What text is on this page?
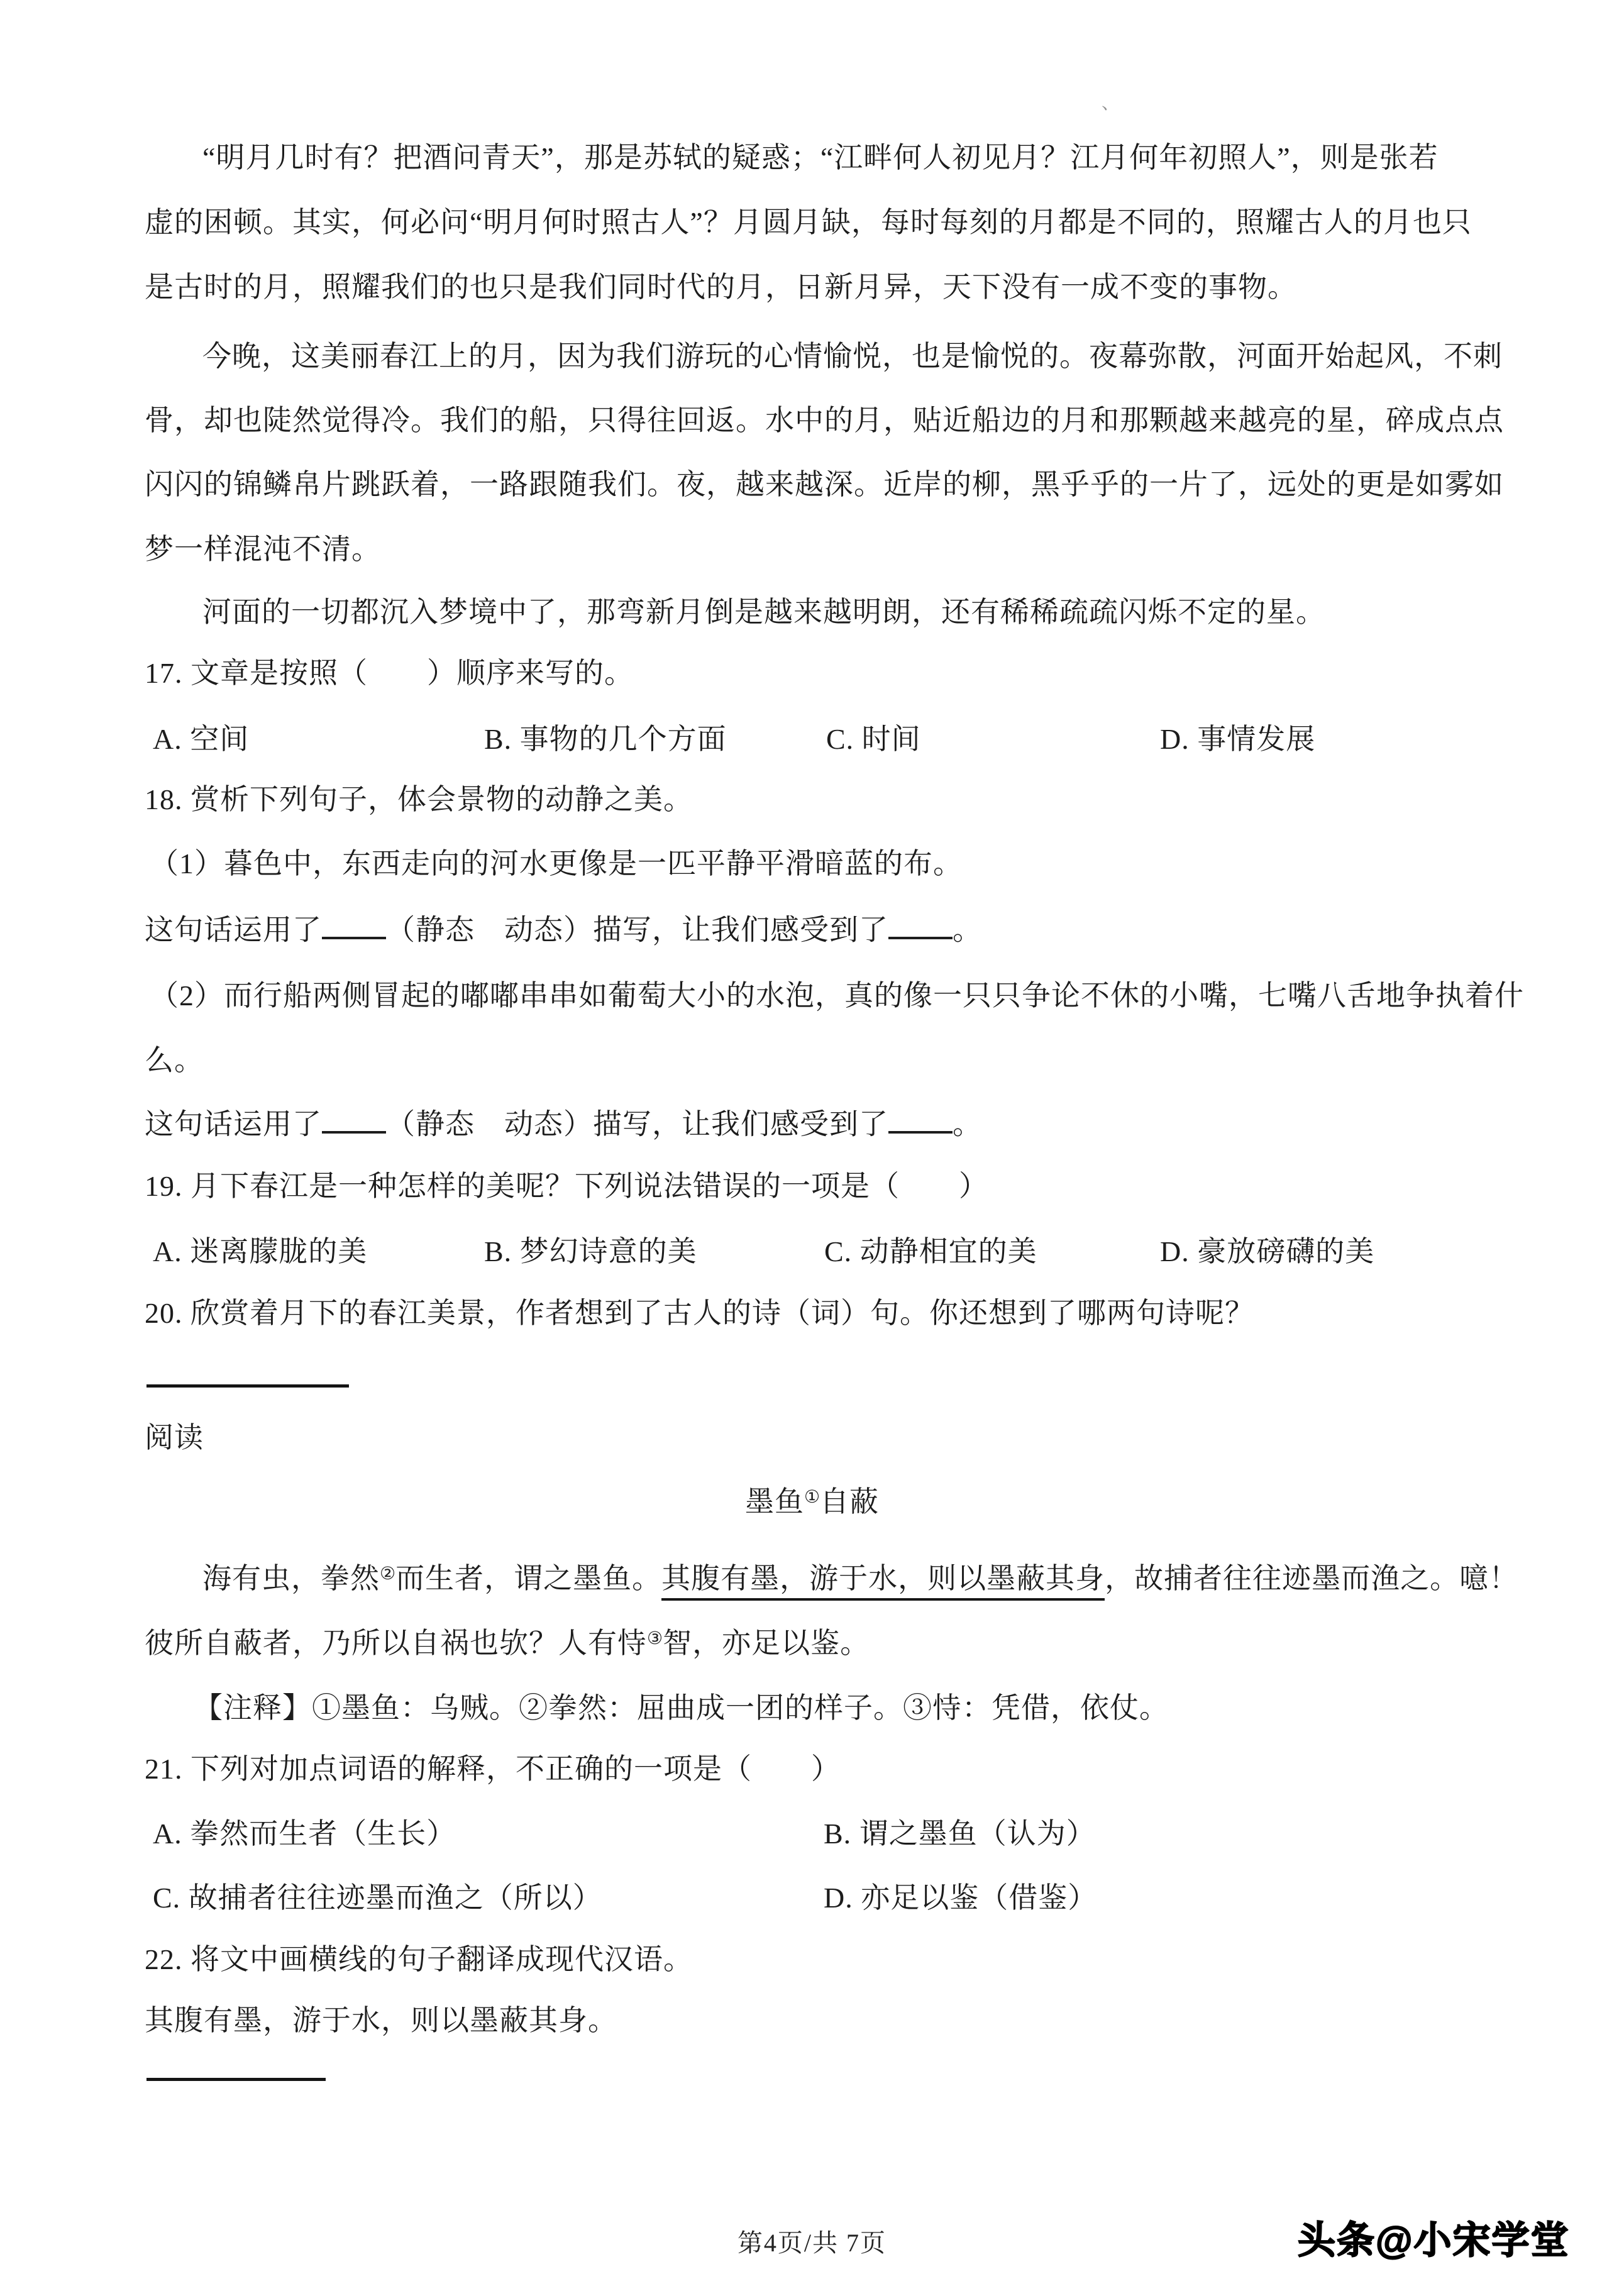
、
“明月几时有？把酒问青天”，那是苏轼的疑惑；“江畔何人初见月？江月何年初照人”，则是张若
虚的困顿。其实，何必问“明月何时照古人”？月圆月缺，每时每刻的月都是不同的，照耀古人的月也只
是古时的月，照耀我们的也只是我们同时代的月，日 •新 •月 •异 •，天下没有一成不变的事物。
今晚，这美丽春江上的月，因为我们游玩的心情愉悦，也是愉悦的。夜幕弥散，河面开始起风，不刺
骨，却也陡然觉得冷。我们的船，只得往回返。水中的月，贴近船边的月和那颗越来越亮的星，碎成点点
闪闪的锦鳞帛片跳跃着，一路跟随我们。夜，越来越深。近岸的柳，黑乎乎的一片了，远处的更是如雾如
梦一样混沌不清。
河面的一切都沉入梦境中了，那弯新月倒是越来越明朗，还有稀稀疏疏闪烁不定的星。
17. 文章是按照（　　）顺序来写的。
A. 空间	B. 事物的几个方面	C. 时间	D. 事情发展
18. 赏析下列句子，体会景物的动静之美。
（1）暮色中，东西走向的河水更像是一匹平静平滑暗蓝的布。
这句话运用了 （静态　动态）描写，让我们感受到了 。
（2）而行船两侧冒起的嘟嘟串串如葡萄大小的水泡，真的像一只只争论不休的小嘴，七嘴八舌地争执着什
么。
这句话运用了 （静态　动态）描写，让我们感受到了 。
19. 月下春江是一种怎样的美呢？下列说法错误的一项是（　　）
A. 迷离朦胧的美	B. 梦幻诗意的美	C. 动静相宜的美	D. 豪放磅礴的美
20. 欣赏着月下的春江美景，作者想到了古人的诗（词）句。你还想到了哪两句诗呢？
阅读
墨鱼①自蔽
海有虫，拳然②而生者，谓之墨鱼。其腹有墨，游于水，则以墨蔽其身，故捕者往往迹墨而渔之。噫！
彼所自蔽者，乃所以自祸也欤？人有恃③智，亦足以鉴。
【注释】①墨鱼：乌贼。②拳然：屈曲成一团的样子。③恃：凭借，依仗。
21. 下列对加点词语的解释，不正确的一项是（　　）
A. 拳然而生 •者（生长）	B. 谓 •之墨鱼（认为）
C. 故 •捕者往往迹墨而渔之（所以）	D. 亦足以鉴 •（借鉴）
22. 将文中画横线的句子翻译成现代汉语。
其腹有墨，游于水，则以墨蔽其身。
第4页/共 7页	头条@小宋学堂
